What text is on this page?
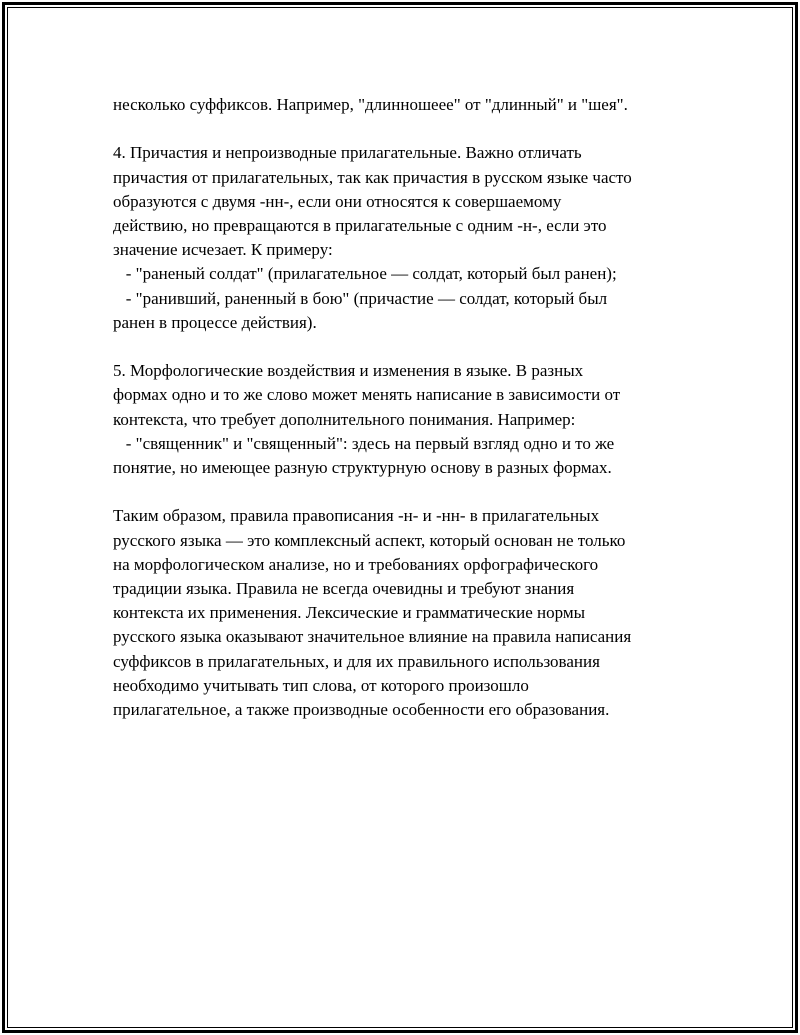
несколько суффиксов. Например, "длинношеее" от "длинный" и "шея".
4. Причастия и непроизводные прилагательные. Важно отличать
причастия от прилагательных, так как причастия в русском языке часто
образуются с двумя -нн-, если они относятся к совершаемому
действию, но превращаются в прилагательные с одним -н-, если это
значение исчезает. К примеру:
- "раненый солдат" (прилагательное — солдат, который был ранен);
- "ранивший, раненный в бою" (причастие — солдат, который был
ранен в процессе действия).
5. Морфологические воздействия и изменения в языке. В разных
формах одно и то же слово может менять написание в зависимости от
контекста, что требует дополнительного понимания. Например:
- "священник" и "священный": здесь на первый взгляд одно и то же
понятие, но имеющее разную структурную основу в разных формах.
Таким образом, правила правописания -н- и -нн- в прилагательных
русского языка — это комплексный аспект, который основан не только
на морфологическом анализе, но и требованиях орфографического
традиции языка. Правила не всегда очевидны и требуют знания
контекста их применения. Лексические и грамматические нормы
русского языка оказывают значительное влияние на правила написания
суффиксов в прилагательных, и для их правильного использования
необходимо учитывать тип слова, от которого произошло
прилагательное, а также производные особенности его образования.
